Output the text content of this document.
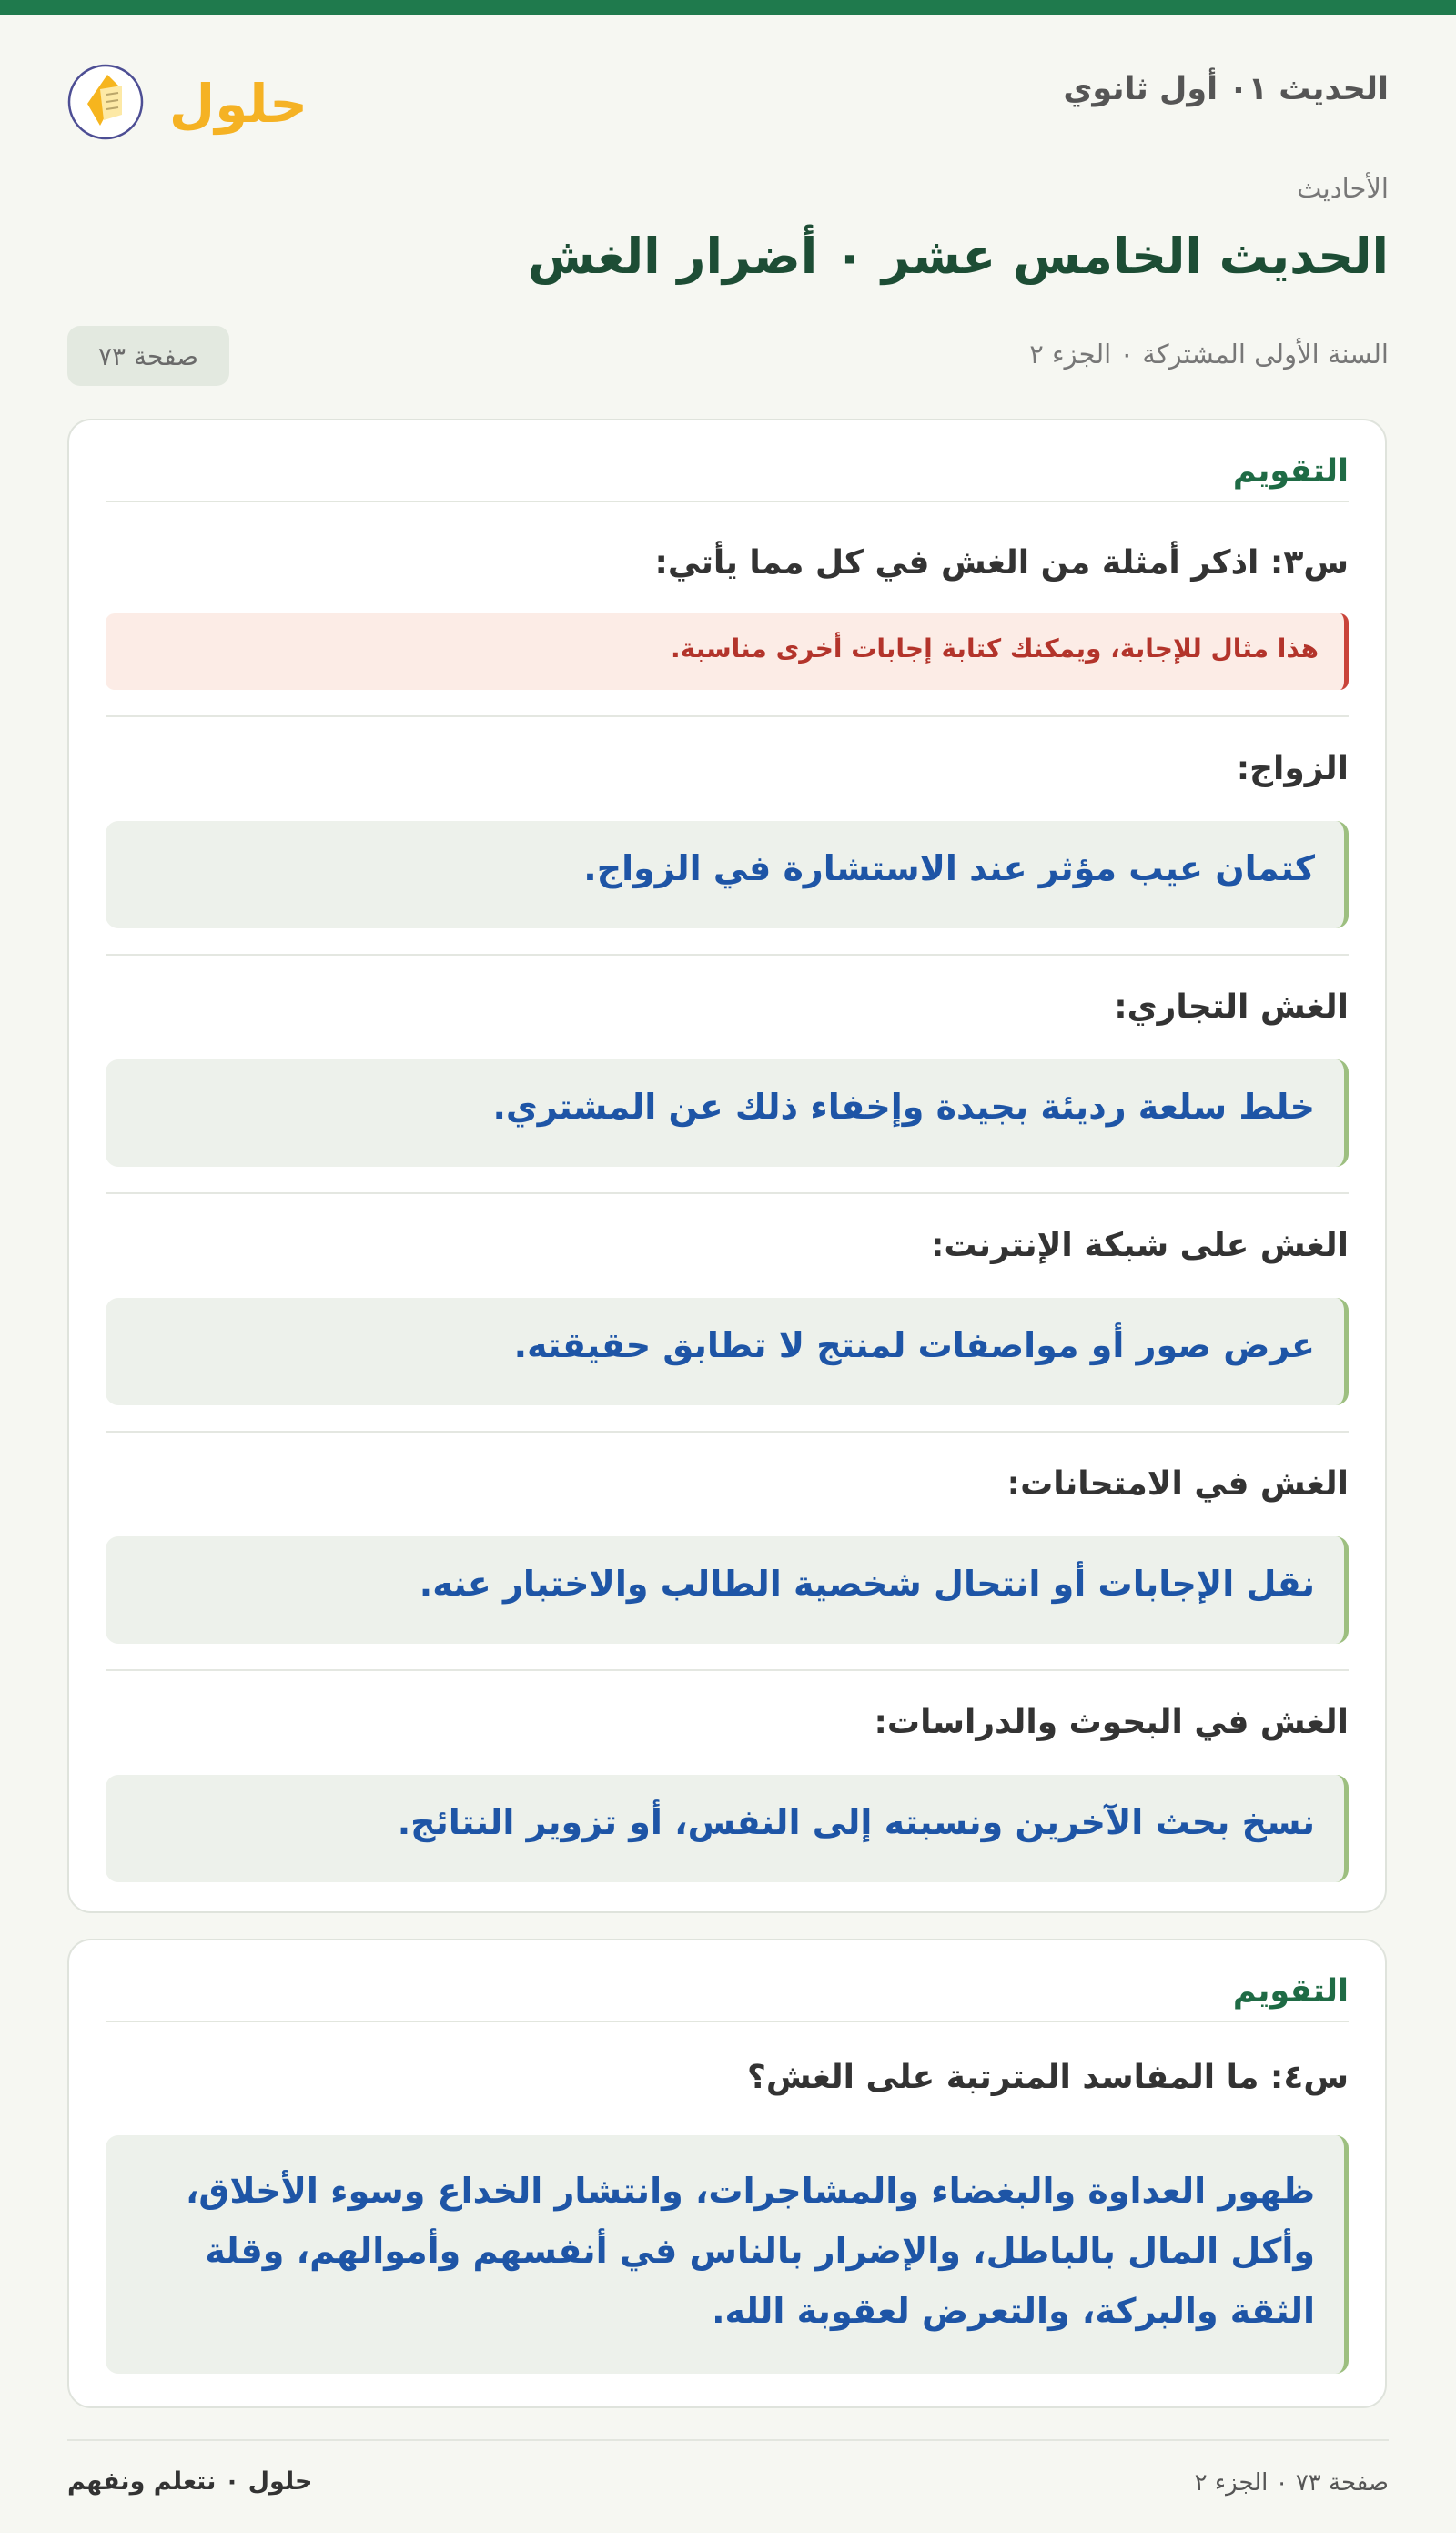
حلول	الحديث ٠١ أول ثانوي
الأحاديث
الحديث الخامس عشر ٠ أضرار الغش
السنة الأولى المشتركة ٠ الجزء ٢
صفحة ٧٣
التقويم
س٣: اذكر أمثلة من الغش في كل مما يأتي:
هذا مثال للإجابة، ويمكنك كتابة إجابات أخرى مناسبة.
الزواج:
كتمان عيب مؤثر عند الاستشارة في الزواج.
الغش التجاري:
خلط سلعة رديئة بجيدة وإخفاء ذلك عن المشتري.
الغش على شبكة الإنترنت:
عرض صور أو مواصفات لمنتج لا تطابق حقيقته.
الغش في الامتحانات:
نقل الإجابات أو انتحال شخصية الطالب والاختبار عنه.
الغش في البحوث والدراسات:
نسخ بحث الآخرين ونسبته إلى النفس، أو تزوير النتائج.
التقويم
س٤: ما المفاسد المترتبة على الغش؟
ظهور العداوة والبغضاء والمشاجرات، وانتشار الخداع وسوء الأخلاق، وأكل المال بالباطل، والإضرار بالناس في أنفسهم وأموالهم، وقلة الثقة والبركة، والتعرض لعقوبة الله.
صفحة ٧٣ ٠ الجزء ٢
حلول ٠ نتعلم ونفهم
